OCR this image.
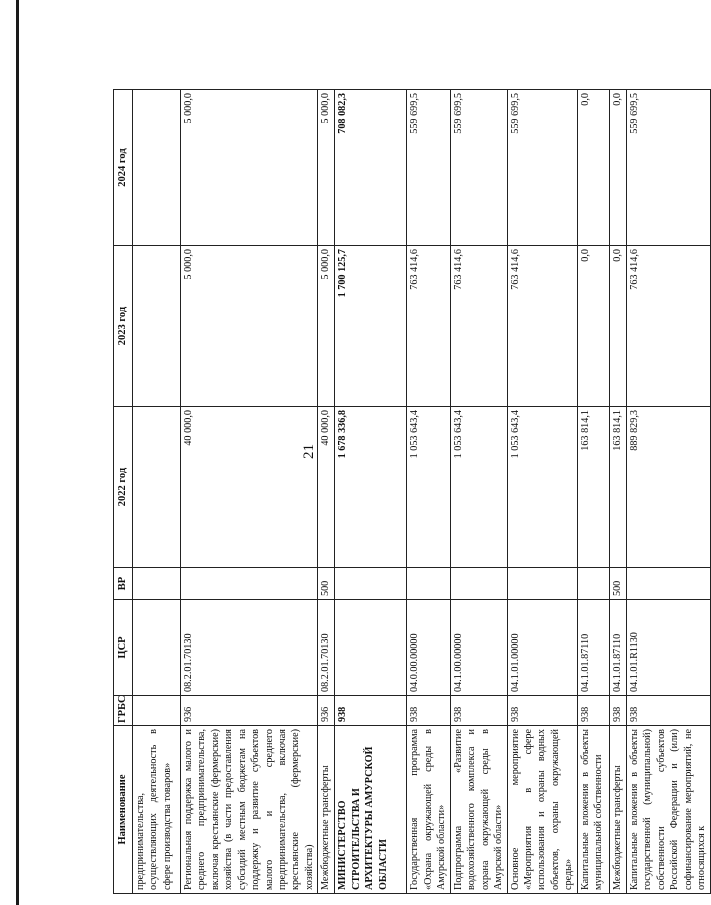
21
Наименование	ГРБС	ЦСР	ВР	2022 год	2023 год	2024 год
предпринимательства, осуществляющих деятельность в сфере производства товаров»						
Региональная поддержка малого и среднего предпринимательства, включая крестьянские (фермерские) хозяйства (в части предоставления субсидий местным бюджетам на поддержку и развитие субъектов малого и среднего предпринимательства, включая крестьянские (фермерские) хозяйства)	936	08.2.01.70130		40 000,0	5 000,0	5 000,0
Межбюджетные трансферты	936	08.2.01.70130	500	40 000,0	5 000,0	5 000,0
МИНИСТЕРСТВО СТРОИТЕЛЬСТВА И АРХИТЕКТУРЫ АМУРСКОЙ ОБЛАСТИ	938			1 678 336,8	1 700 125,7	708 082,3
Государственная программа «Охрана окружающей среды в Амурской области»	938	04.0.00.00000		1 053 643,4	763 414,6	559 699,5
Подпрограмма «Развитие водохозяйственного комплекса и охрана окружающей среды в Амурской области»	938	04.1.00.00000		1 053 643,4	763 414,6	559 699,5
Основное мероприятие «Мероприятия в сфере использования и охраны водных объектов, охраны окружающей среды»	938	04.1.01.00000		1 053 643,4	763 414,6	559 699,5
Капитальные вложения в объекты муниципальной собственности	938	04.1.01.87110		163 814,1	0,0	0,0
Межбюджетные трансферты	938	04.1.01.87110	500	163 814,1	0,0	0,0
Капитальные вложения в объекты государственной (муниципальной) собственности субъектов Российской Федерации и (или) софинансирование мероприятий, не относящихся к	938	04.1.01.R1130		889 829,3	763 414,6	559 699,5
